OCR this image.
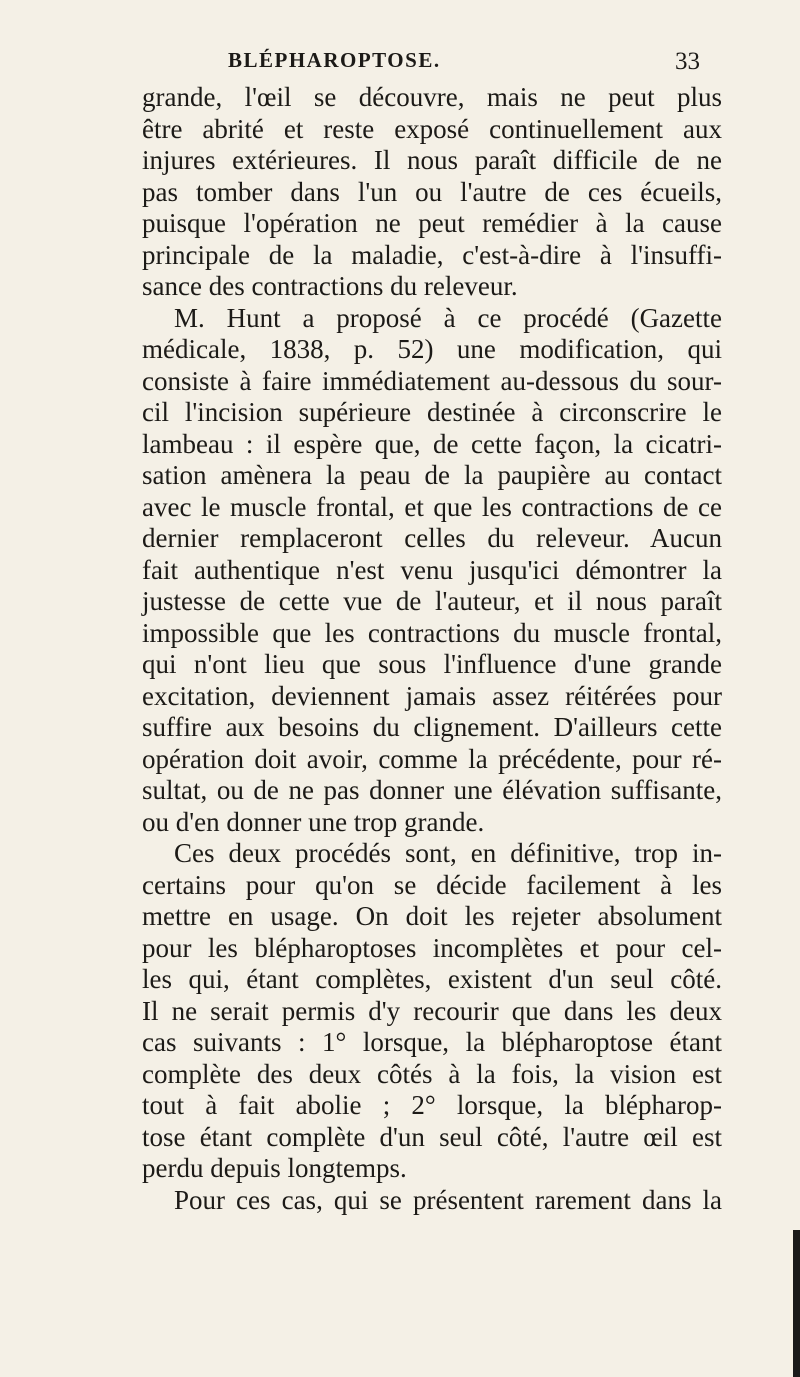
BLÉPHAROPTOSE.	33
grande, l'œil se découvre, mais ne peut plus
être abrité et reste exposé continuellement aux
injures extérieures. Il nous paraît difficile de ne
pas tomber dans l'un ou l'autre de ces écueils,
puisque l'opération ne peut remédier à la cause
principale de la maladie, c'est-à-dire à l'insuffi-
sance des contractions du releveur.
M. Hunt a proposé à ce procédé (Gazette
médicale, 1838, p. 52) une modification, qui
consiste à faire immédiatement au-dessous du sour-
cil l'incision supérieure destinée à circonscrire le
lambeau : il espère que, de cette façon, la cicatri-
sation amènera la peau de la paupière au contact
avec le muscle frontal, et que les contractions de ce
dernier remplaceront celles du releveur. Aucun
fait authentique n'est venu jusqu'ici démontrer la
justesse de cette vue de l'auteur, et il nous paraît
impossible que les contractions du muscle frontal,
qui n'ont lieu que sous l'influence d'une grande
excitation, deviennent jamais assez réitérées pour
suffire aux besoins du clignement. D'ailleurs cette
opération doit avoir, comme la précédente, pour ré-
sultat, ou de ne pas donner une élévation suffisante,
ou d'en donner une trop grande.
Ces deux procédés sont, en définitive, trop in-
certains pour qu'on se décide facilement à les
mettre en usage. On doit les rejeter absolument
pour les blépharoptoses incomplètes et pour cel-
les qui, étant complètes, existent d'un seul côté.
Il ne serait permis d'y recourir que dans les deux
cas suivants : 1° lorsque, la blépharoptose étant
complète des deux côtés à la fois, la vision est
tout à fait abolie ; 2° lorsque, la blépharop-
tose étant complète d'un seul côté, l'autre œil est
perdu depuis longtemps.
Pour ces cas, qui se présentent rarement dans la
